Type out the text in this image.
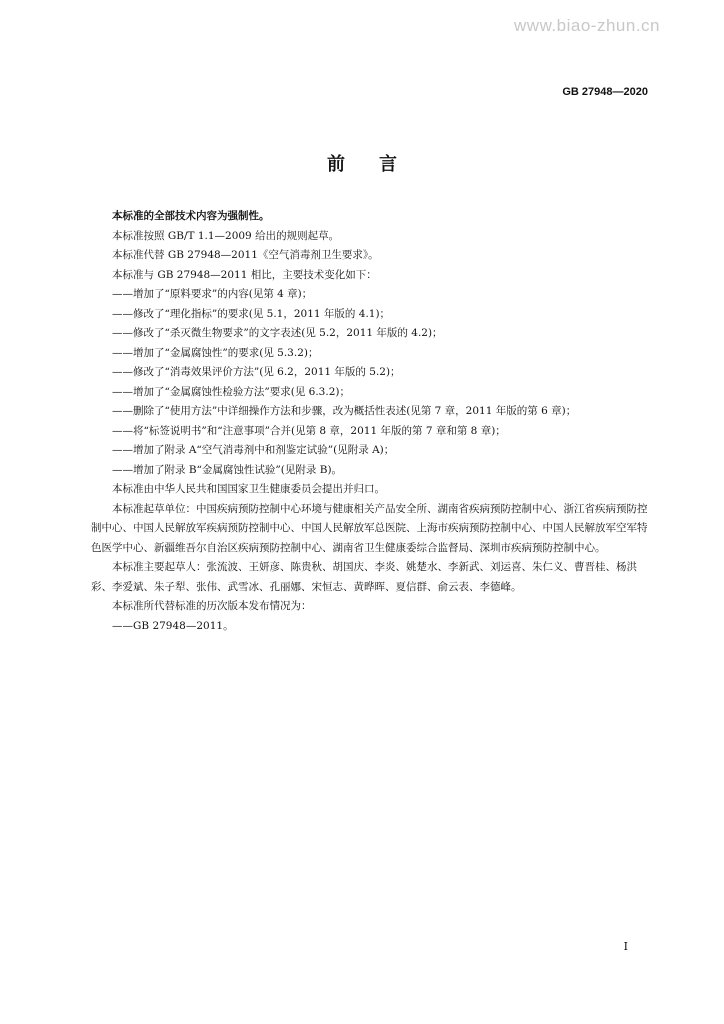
www.biao-zhun.cn
GB 27948—2020
前言

本标准的全部技术内容为强制性。

本标准按照 GB/T 1.1—2009 给出的规则起草。

本标准代替 GB 27948—2011《空气消毒剂卫生要求》。

本标准与 GB 27948—2011 相比，主要技术变化如下：

——增加了“原料要求”的内容(见第 4 章)；

——修改了“理化指标”的要求(见 5.1，2011 年版的 4.1)；

——修改了“杀灭微生物要求”的文字表述(见 5.2，2011 年版的 4.2)；

——增加了“金属腐蚀性”的要求(见 5.3.2)；

——修改了“消毒效果评价方法”(见 6.2，2011 年版的 5.2)；

——增加了“金属腐蚀性检验方法”要求(见 6.3.2)；

——删除了“使用方法”中详细操作方法和步骤，改为概括性表述(见第 7 章，2011 年版的第 6 章)；

——将“标签说明书”和“注意事项”合并(见第 8 章，2011 年版的第 7 章和第 8 章)；

——增加了附录 A“空气消毒剂中和剂鉴定试验”(见附录 A)；

——增加了附录 B“金属腐蚀性试验”(见附录 B)。

本标准由中华人民共和国国家卫生健康委员会提出并归口。

本标准起草单位：中国疾病预防控制中心环境与健康相关产品安全所、湖南省疾病预防控制中心、浙江省疾病预防控制中心、中国人民解放军疾病预防控制中心、中国人民解放军总医院、上海市疾病预防控制中心、中国人民解放军空军特色医学中心、新疆维吾尔自治区疾病预防控制中心、湖南省卫生健康委综合监督局、深圳市疾病预防控制中心。

本标准主要起草人：张流波、王妍彦、陈贵秋、胡国庆、李炎、姚楚水、李新武、刘运喜、朱仁义、曹晋桂、杨洪彩、李爱斌、朱子犁、张伟、武雪冰、孔丽娜、宋恒志、黄晔晖、夏信群、俞云表、李德峰。

本标准所代替标准的历次版本发布情况为：

——GB 27948—2011。

I
